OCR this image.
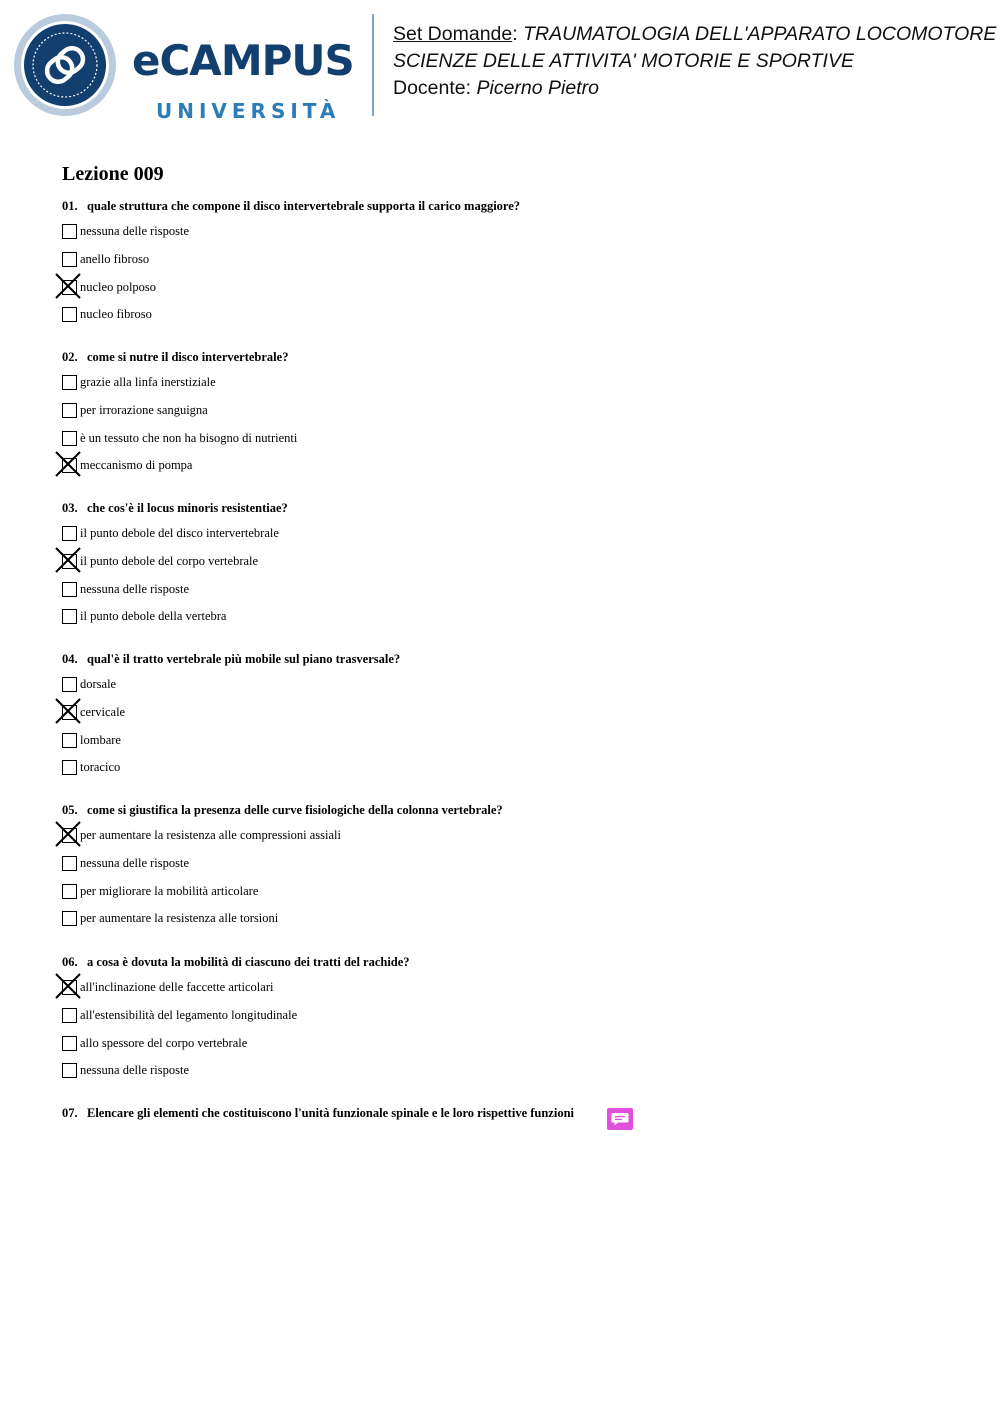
eCAMPUS
UNIVERSITÀ
Set Domande: TRAUMATOLOGIA DELL'APPARATO LOCOMOTORE
SCIENZE DELLE ATTIVITA' MOTORIE E SPORTIVE
Docente: Picerno Pietro
Lezione 009
01. quale struttura che compone il disco intervertebrale supporta il carico maggiore?
nessuna delle risposte
anello fibroso
nucleo polposo
nucleo fibroso
02. come si nutre il disco intervertebrale?
grazie alla linfa inerstiziale
per irrorazione sanguigna
è un tessuto che non ha bisogno di nutrienti
meccanismo di pompa
03. che cos'è il locus minoris resistentiae?
il punto debole del disco intervertebrale
il punto debole del corpo vertebrale
nessuna delle risposte
il punto debole della vertebra
04. qual'è il tratto vertebrale più mobile sul piano trasversale?
dorsale
cervicale
lombare
toracico
05. come si giustifica la presenza delle curve fisiologiche della colonna vertebrale?
per aumentare la resistenza alle compressioni assiali
nessuna delle risposte
per migliorare la mobilità articolare
per aumentare la resistenza alle torsioni
06. a cosa è dovuta la mobilità di ciascuno dei tratti del rachide?
all'inclinazione delle faccette articolari
all'estensibilità del legamento longitudinale
allo spessore del corpo vertebrale
nessuna delle risposte
07. Elencare gli elementi che costituiscono l'unità funzionale spinale e le loro rispettive funzioni
